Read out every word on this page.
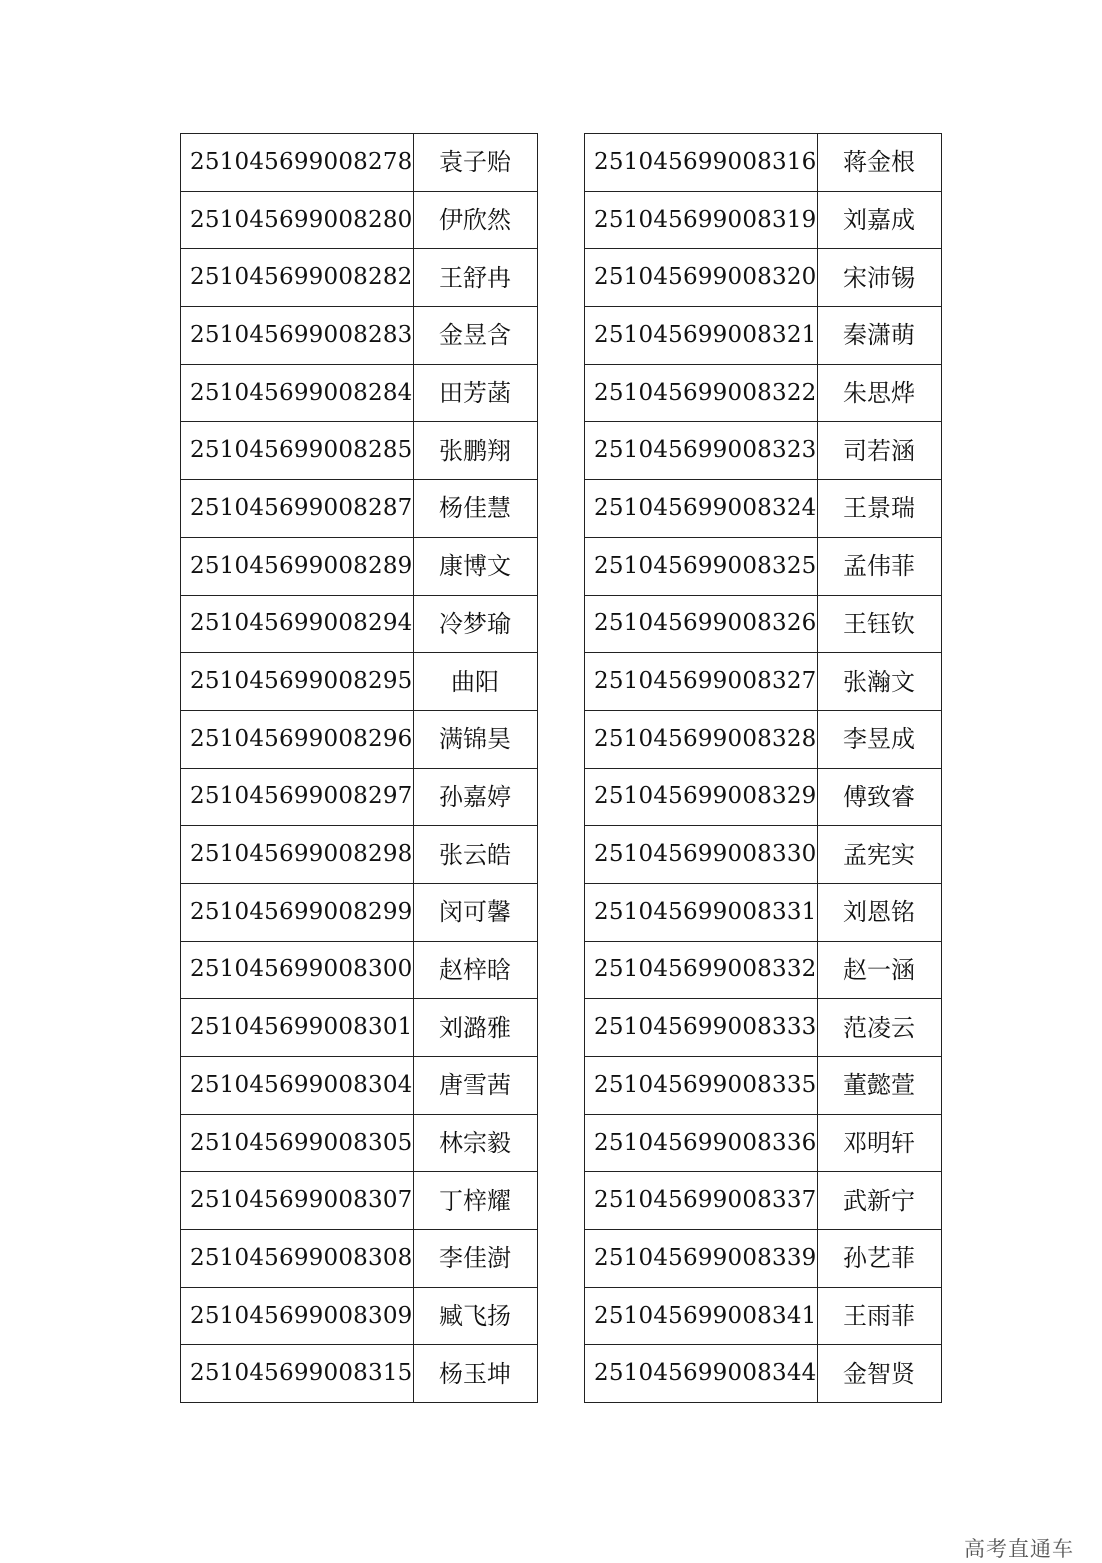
251045699008278	袁子贻
251045699008280	伊欣然
251045699008282	王舒冉
251045699008283	金昱含
251045699008284	田芳菡
251045699008285	张鹏翔
251045699008287	杨佳慧
251045699008289	康博文
251045699008294	冷梦瑜
251045699008295	曲阳
251045699008296	满锦昊
251045699008297	孙嘉婷
251045699008298	张云皓
251045699008299	闵可馨
251045699008300	赵梓晗
251045699008301	刘潞雅
251045699008304	唐雪茜
251045699008305	林宗毅
251045699008307	丁梓耀
251045699008308	李佳澍
251045699008309	臧飞扬
251045699008315	杨玉坤
251045699008316	蒋金根
251045699008319	刘嘉成
251045699008320	宋沛锡
251045699008321	秦潇萌
251045699008322	朱思烨
251045699008323	司若涵
251045699008324	王景瑞
251045699008325	孟伟菲
251045699008326	王钰钦
251045699008327	张瀚文
251045699008328	李昱成
251045699008329	傅致睿
251045699008330	孟宪实
251045699008331	刘恩铭
251045699008332	赵一涵
251045699008333	范凌云
251045699008335	董懿萱
251045699008336	邓明轩
251045699008337	武新宁
251045699008339	孙艺菲
251045699008341	王雨菲
251045699008344	金智贤
高考直通车
